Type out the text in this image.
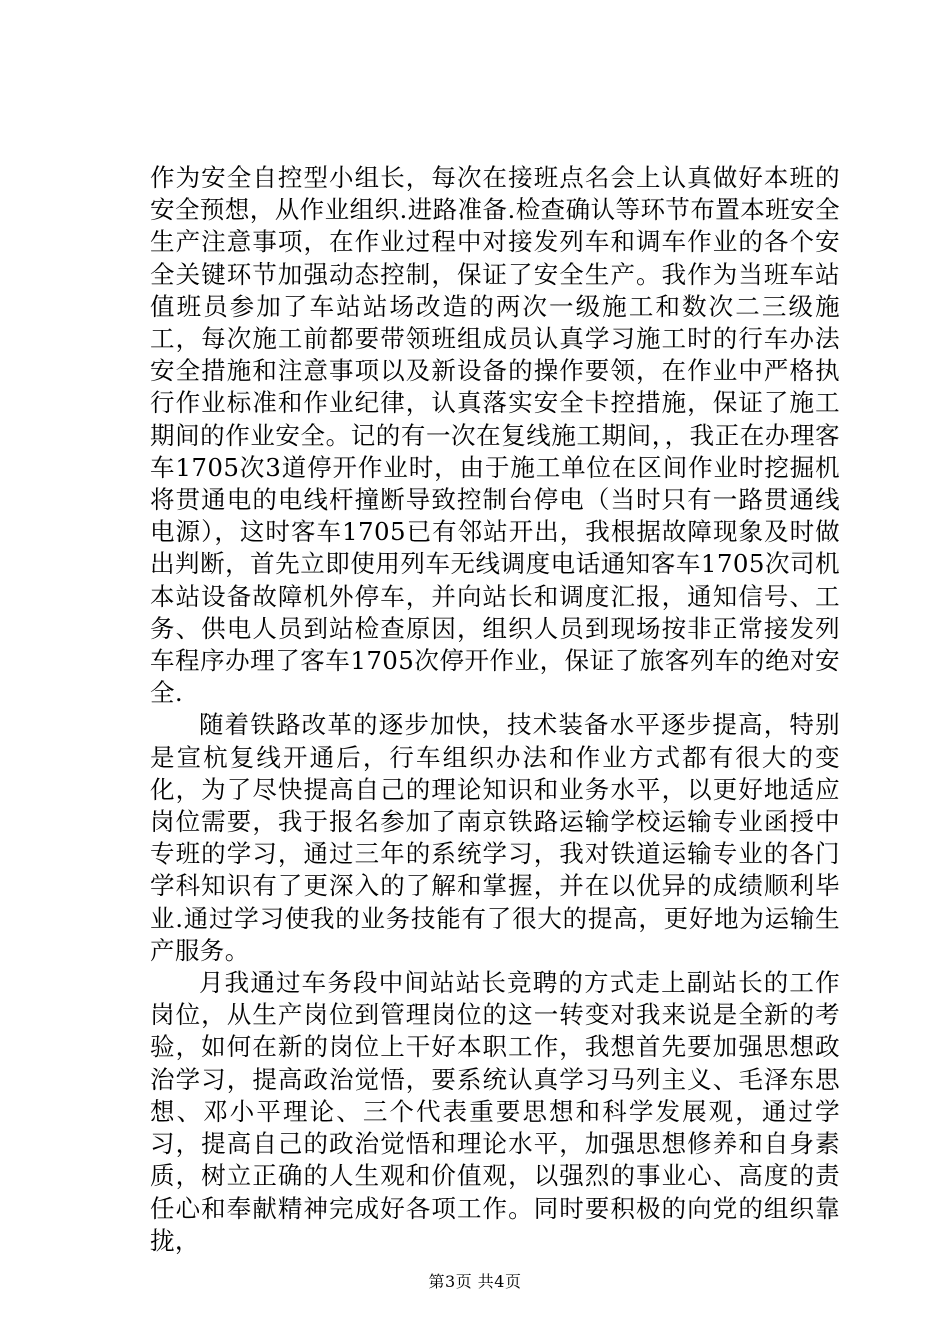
作为安全自控型小组长，每次在接班点名会上认真做好本班的安全预想，从作业组织.进路准备.检查确认等环节布置本班安全生产注意事项，在作业过程中对接发列车和调车作业的各个安全关键环节加强动态控制，保证了安全生产。我作为当班车站值班员参加了车站站场改造的两次一级施工和数次二三级施工，每次施工前都要带领班组成员认真学习施工时的行车办法安全措施和注意事项以及新设备的操作要领，在作业中严格执行作业标准和作业纪律，认真落实安全卡控措施，保证了施工期间的作业安全。记的有一次在复线施工期间，，我正在办理客车1705次3道停开作业时，由于施工单位在区间作业时挖掘机将贯通电的电线杆撞断导致控制台停电（当时只有一路贯通线电源），这时客车1705已有邻站开出，我根据故障现象及时做出判断，首先立即使用列车无线调度电话通知客车1705次司机本站设备故障机外停车，并向站长和调度汇报，通知信号、工务、供电人员到站检查原因，组织人员到现场按非正常接发列车程序办理了客车1705次停开作业，保证了旅客列车的绝对安全.

随着铁路改革的逐步加快，技术装备水平逐步提高，特别是宣杭复线开通后，行车组织办法和作业方式都有很大的变化，为了尽快提高自己的理论知识和业务水平，以更好地适应岗位需要，我于报名参加了南京铁路运输学校运输专业函授中专班的学习，通过三年的系统学习，我对铁道运输专业的各门学科知识有了更深入的了解和掌握，并在以优异的成绩顺利毕业.通过学习使我的业务技能有了很大的提高，更好地为运输生产服务。

月我通过车务段中间站站长竞聘的方式走上副站长的工作岗位，从生产岗位到管理岗位的这一转变对我来说是全新的考验，如何在新的岗位上干好本职工作，我想首先要加强思想政治学习，提高政治觉悟，要系统认真学习马列主义、毛泽东思想、邓小平理论、三个代表重要思想和科学发展观，通过学习，提高自己的政治觉悟和理论水平，加强思想修养和自身素质，树立正确的人生观和价值观，以强烈的事业心、高度的责任心和奉献精神完成好各项工作。同时要积极的向党的组织靠拢，

第3页 共4页
